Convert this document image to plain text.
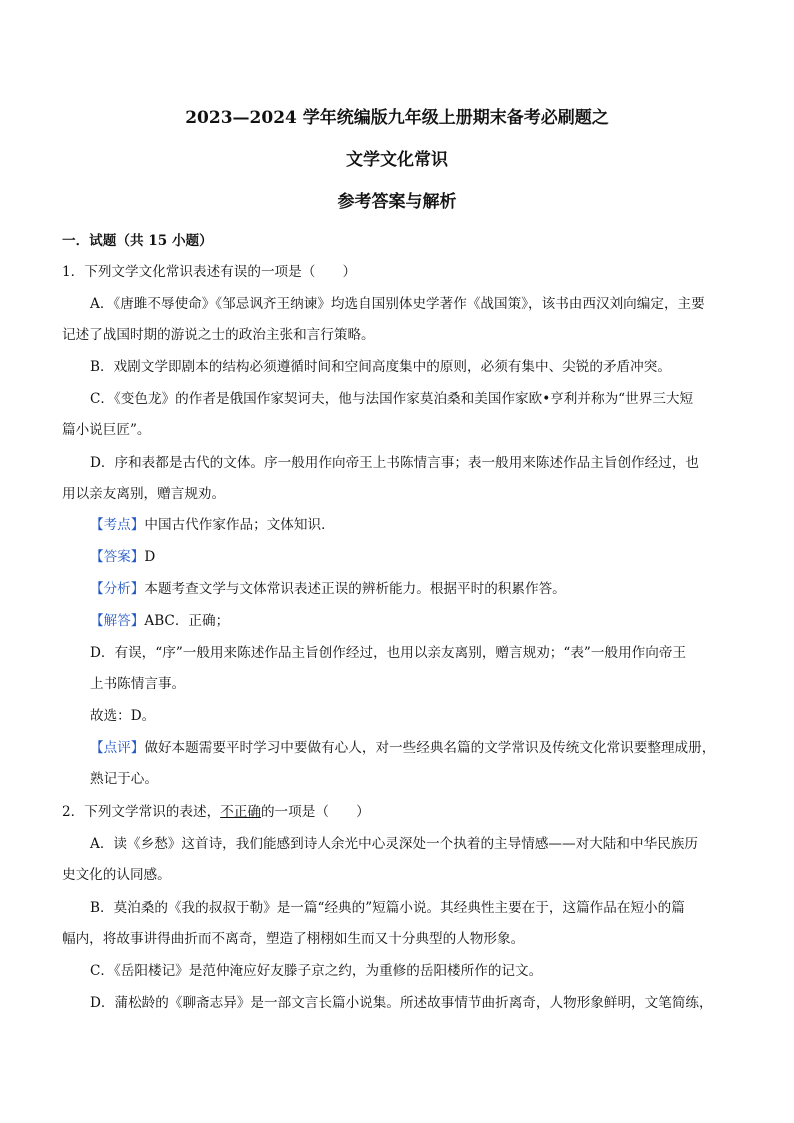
2023—2024 学年统编版九年级上册期末备考必刷题之
文学文化常识
参考答案与解析
一．试题（共 15 小题）
1．下列文学文化常识表述有误的一项是（　　）
A．《唐雎不辱使命》《邹忌讽齐王纳谏》均选自国别体史学著作《战国策》，该书由西汉刘向编定，主要
记述了战国时期的游说之士的政治主张和言行策略。
B．戏剧文学即剧本的结构必须遵循时间和空间高度集中的原则，必须有集中、尖锐的矛盾冲突。
C．《变色龙》的作者是俄国作家契诃夫，他与法国作家莫泊桑和美国作家欧•亨利并称为“世界三大短
篇小说巨匠”。
D．序和表都是古代的文体。序一般用作向帝王上书陈情言事；表一般用来陈述作品主旨创作经过，也
用以亲友离别，赠言规劝。
【考点】中国古代作家作品；文体知识．
【答案】D
【分析】本题考查文学与文体常识表述正误的辨析能力。根据平时的积累作答。
【解答】ABC．正确；
D．有误，“序”一般用来陈述作品主旨创作经过，也用以亲友离别，赠言规劝；“表”一般用作向帝王
上书陈情言事。
故选：D。
【点评】做好本题需要平时学习中要做有心人，对一些经典名篇的文学常识及传统文化常识要整理成册，
熟记于心。
2．下列文学常识的表述，不正确的一项是（　　）
A．读《乡愁》这首诗，我们能感到诗人余光中心灵深处一个执着的主导情感——对大陆和中华民族历
史文化的认同感。
B．莫泊桑的《我的叔叔于勒》是一篇“经典的”短篇小说。其经典性主要在于，这篇作品在短小的篇
幅内，将故事讲得曲折而不离奇，塑造了栩栩如生而又十分典型的人物形象。
C．《岳阳楼记》是范仲淹应好友滕子京之约，为重修的岳阳楼所作的记文。
D．蒲松龄的《聊斋志异》是一部文言长篇小说集。所述故事情节曲折离奇，人物形象鲜明，文笔简练，
